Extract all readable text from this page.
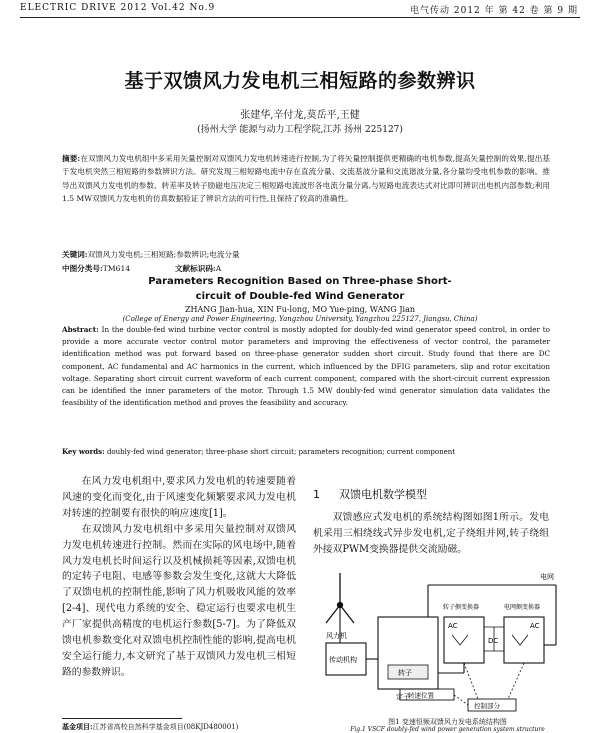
ELECTRIC DRIVE 2012 Vol.42 No.9	电气传动 2012 年 第 42 卷 第 9 期
基于双馈风力发电机三相短路的参数辨识
张建华,辛付龙,莫岳平,王健
(扬州大学 能源与动力工程学院,江苏 扬州 225127)
摘要:在双馈风力发电机组中多采用矢量控制对双馈风力发电机转速进行控制,为了将矢量控制提供更精确的电机参数,提高矢量控制的效果,提出基于发电机突然三相短路的参数辨识方法。研究发现三相短路电流中存在直流分量、交流基波分量和交流谐波分量,各分量均受电机参数的影响。推导出双馈风力发电机的参数、转差率及转子励磁电压决定三相短路电流波形各电流分量分离,与短路电流表达式对比即可辨识出电机内部参数;利用1.5 MW双馈风力发电机的仿真数据验证了辨识方法的可行性,且保持了较高的准确性。
关键词:双馈风力发电机;三相短路;参数辨识;电流分量
中图分类号:TM614	文献标识码:A
Parameters Recognition Based on Three-phase Short-
circuit of Double-fed Wind Generator
ZHANG Jian-hua, XIN Fu-long, MO Yue-ping, WANG Jian
(College of Energy and Power Engineering, Yangzhou University, Yangzhou 225127, Jiangsu, China)
Abstract: In the double-fed wind turbine vector control is mostly adopted for doubly-fed wind generator speed control, in order to provide a more accurate vector control motor parameters and improving the effectiveness of vector control, the parameter identification method was put forward based on three-phase generator sudden short circuit. Study found that there are DC component, AC fundamental and AC harmonics in the current, which influenced by the DFIG parameters, slip and rotor excitation voltage. Separating short circuit current waveform of each current component, compared with the short-circuit current expression can be identified the inner parameters of the motor. Through 1.5 MW doubly-fed wind generator simulation data validates the feasibility of the identification method and proves the feasibility and accuracy.
Key words: doubly-fed wind generator; three-phase short circuit; parameters recognition; current component
在风力发电机组中,要求风力发电机的转速要随着风速的变化而变化,由于风速变化频繁要求风力发电机对转速的控制要有很快的响应速度[1]。
在双馈风力发电机组中多采用矢量控制对双馈风力发电机转速进行控制。然而在实际的风电场中,随着风力发电机长时间运行以及机械损耗等因素,双馈电机的定转子电阻、电感等参数会发生变化,这就大大降低了双馈电机的控制性能,影响了风力机吸收风能的效率[2-4]、现代电力系统的安全、稳定运行也要求电机生产厂家提供高精度的电机运行参数[5-7]。为了降低双馈电机参数变化对双馈电机控制性能的影响,提高电机安全运行能力,本文研究了基于双馈风力发电机三相短路的参数辨识。
1 双馈电机数学模型
双馈感应式发电机的系统结构图如图1所示。发电机采用三相绕线式异步发电机,定子绕组并网,转子绕组外接双PWM变换器提供交流励磁。
风力机
传动机构
转子
定子
电网
转子侧变换器	电网侧变换器
AC
DC
AC
转速位置
控制部分
图1 变速恒频双馈风力发电系统结构图
Fig.1 VSCF doubly-fed wind power generation system structure
基金项目:江苏省高校自然科学基金项目(08KJD480001)
